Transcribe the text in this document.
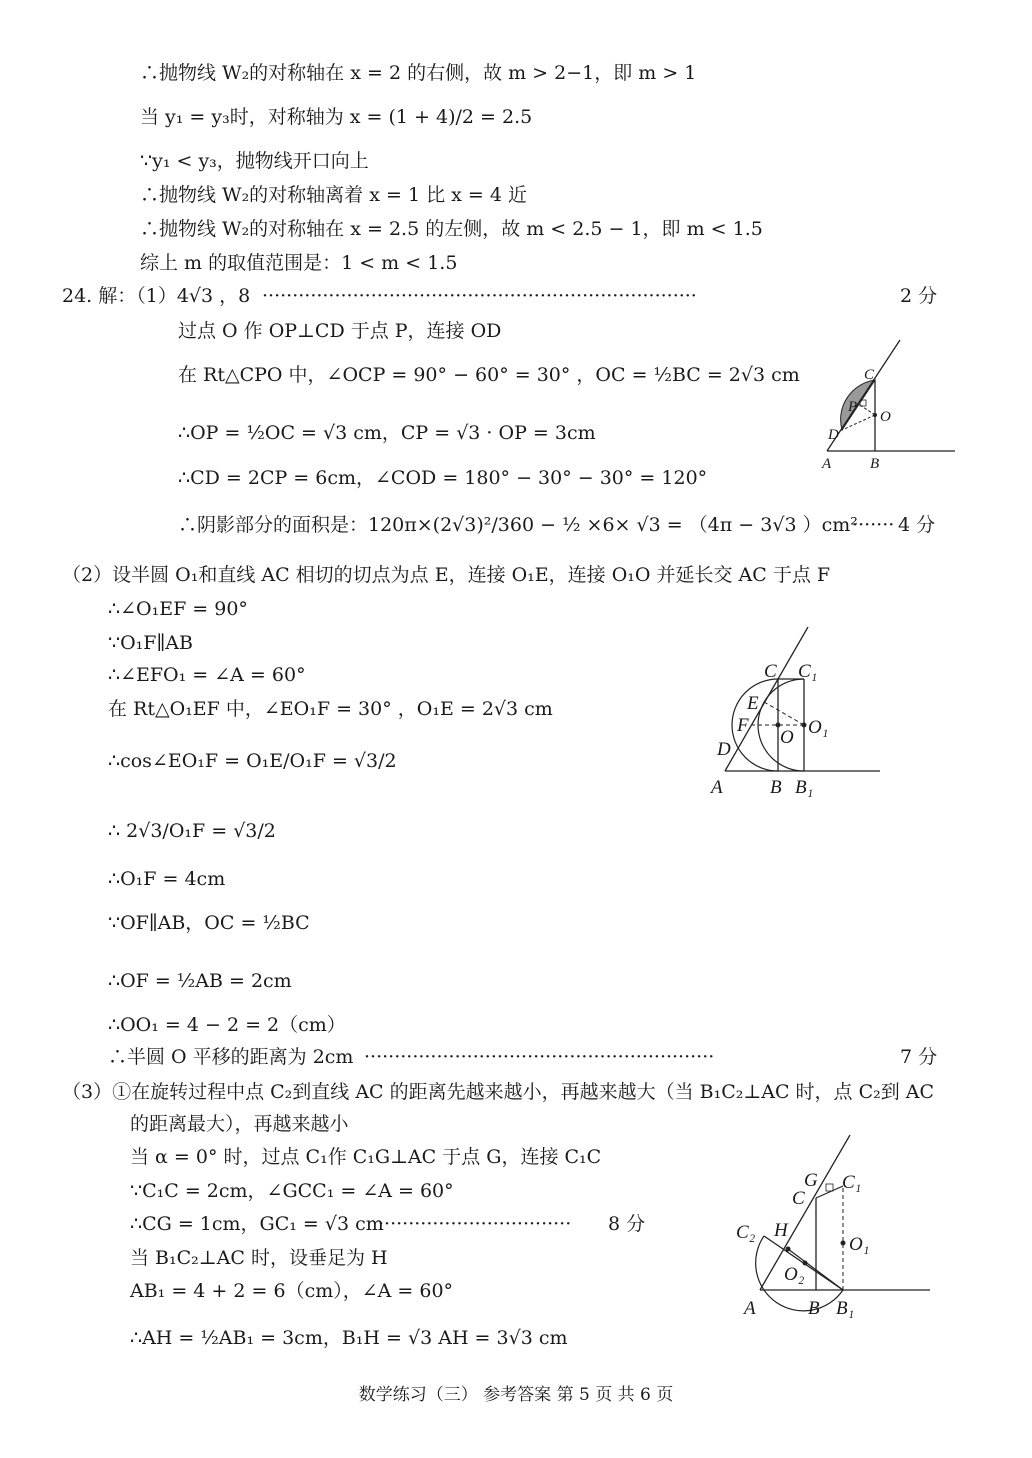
∴抛物线 W₂的对称轴在 x = 2 的右侧，故 m > 2−1，即 m > 1
当 y₁ = y₃时，对称轴为 x = (1 + 4)/2 = 2.5
∵y₁ < y₃，抛物线开口向上
∴抛物线 W₂的对称轴离着 x = 1 比 x = 4 近
∴抛物线 W₂的对称轴在 x = 2.5 的左侧，故 m < 2.5 − 1，即 m < 1.5
综上 m 的取值范围是：1 < m < 1.5
24. 解：（1）4√3 ，8 ········································································	2 分
过点 O 作 OP⊥CD 于点 P，连接 OD
在 Rt△CPO 中，∠OCP = 90° − 60° = 30° ，OC = ½BC = 2√3 cm
∴OP = ½OC = √3 cm，CP = √3 · OP = 3cm
∴CD = 2CP = 6cm，∠COD = 180° − 30° − 30° = 120°
∴阴影部分的面积是：120π×(2√3)²/360 − ½ ×6× √3 = （4π − 3√3 ）cm²
······· 4 分
（2）设半圆 O₁和直线 AC 相切的切点为点 E，连接 O₁E，连接 O₁O 并延长交 AC 于点 F
∴∠O₁EF = 90°
∵O₁F∥AB
∴∠EFO₁ = ∠A = 60°
在 Rt△O₁EF 中，∠EO₁F = 30° ，O₁E = 2√3 cm
∴cos∠EO₁F = O₁E/O₁F = √3/2
∴ 2√3/O₁F = √3/2
∴O₁F = 4cm
∵OF∥AB，OC = ½BC
∴OF = ½AB = 2cm
∴OO₁ = 4 − 2 = 2（cm）
∴半圆 O 平移的距离为 2cm ··························································	7 分
（3）①在旋转过程中点 C₂到直线 AC 的距离先越来越小，再越来越大（当 B₁C₂⊥AC 时，点 C₂到 AC
的距离最大），再越来越小
当 α = 0° 时，过点 C₁作 C₁G⊥AC 于点 G，连接 C₁C
∵C₁C = 2cm，∠GCC₁ = ∠A = 60°
∴CG = 1cm，GC₁ = √3 cm
································ 8 分
当 B₁C₂⊥AC 时，设垂足为 H
AB₁ = 4 + 2 = 6（cm），∠A = 60°
∴AH = ½AB₁ = 3cm，B₁H = √3 AH = 3√3 cm
C
P
O
D
A	B
C C₁
E
F
O O₁
D
A B B₁
G C₁
C
C₂ H
O₁
O₂
A	B B₁
数学练习（三） 参考答案 第 5 页 共 6 页
